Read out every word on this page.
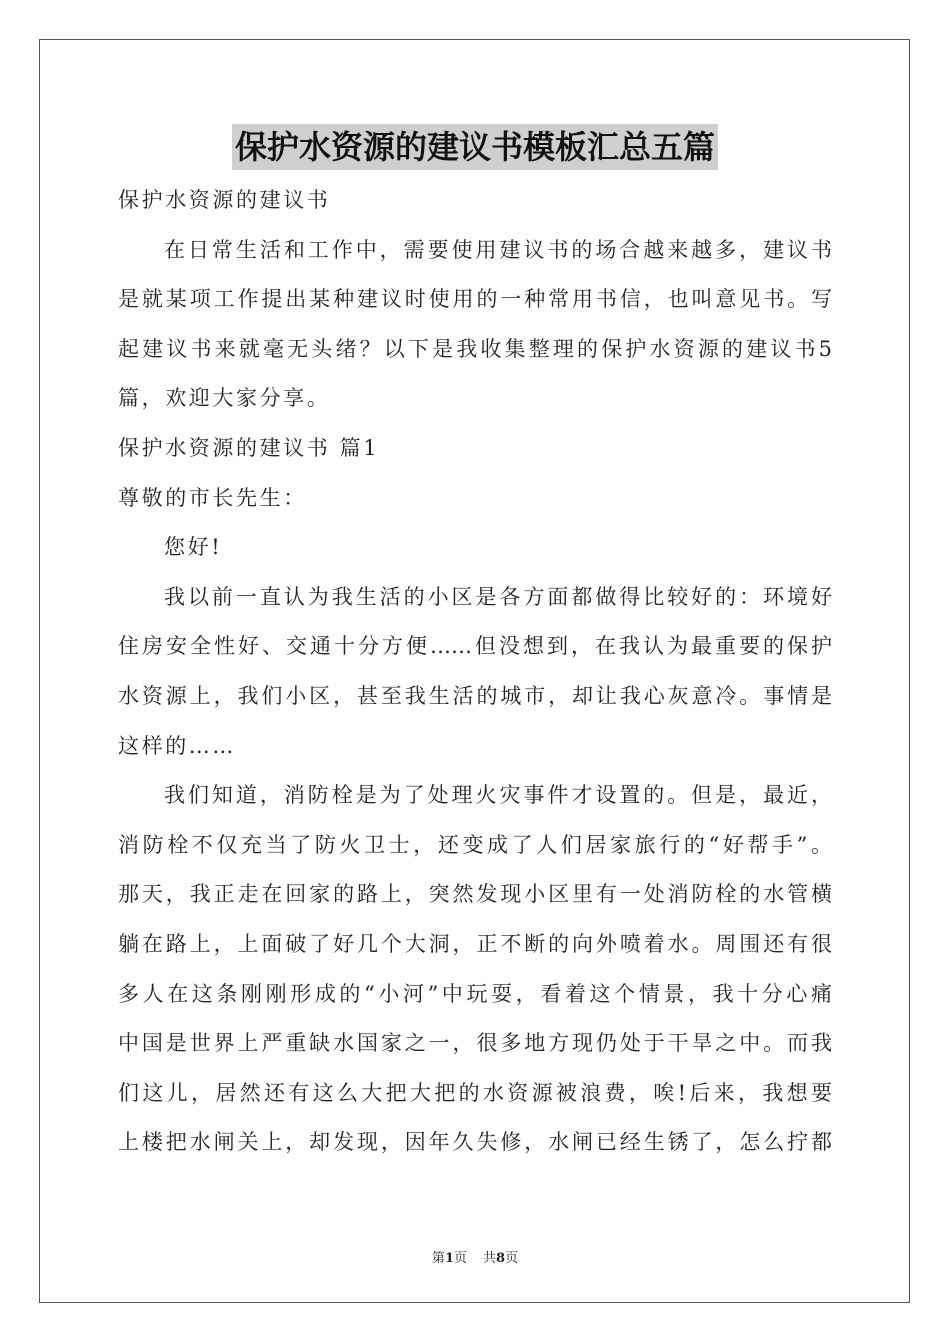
保护水资源的建议书模板汇总五篇

保护水资源的建议书

在日常生活和工作中，需要使用建议书的场合越来越多，建议书

是就某项工作提出某种建议时使用的一种常用书信，也叫意见书。写

起建议书来就毫无头绪？以下是我收集整理的保护水资源的建议书5

篇，欢迎大家分享。

保护水资源的建议书 篇1

尊敬的市长先生：

您好!

我以前一直认为我生活的小区是各方面都做得比较好的：环境好

住房安全性好、交通十分方便……但没想到，在我认为最重要的保护

水资源上，我们小区，甚至我生活的城市，却让我心灰意冷。事情是

这样的……

我们知道，消防栓是为了处理火灾事件才设置的。但是，最近，

消防栓不仅充当了防火卫士，还变成了人们居家旅行的“好帮手”。

那天，我正走在回家的路上，突然发现小区里有一处消防栓的水管横

躺在路上，上面破了好几个大洞，正不断的向外喷着水。周围还有很

多人在这条刚刚形成的“小河”中玩耍，看着这个情景，我十分心痛

中国是世界上严重缺水国家之一，很多地方现仍处于干旱之中。而我

们这儿，居然还有这么大把大把的水资源被浪费，唉!后来，我想要

上楼把水闸关上，却发现，因年久失修，水闸已经生锈了，怎么拧都

第1页 共8页
